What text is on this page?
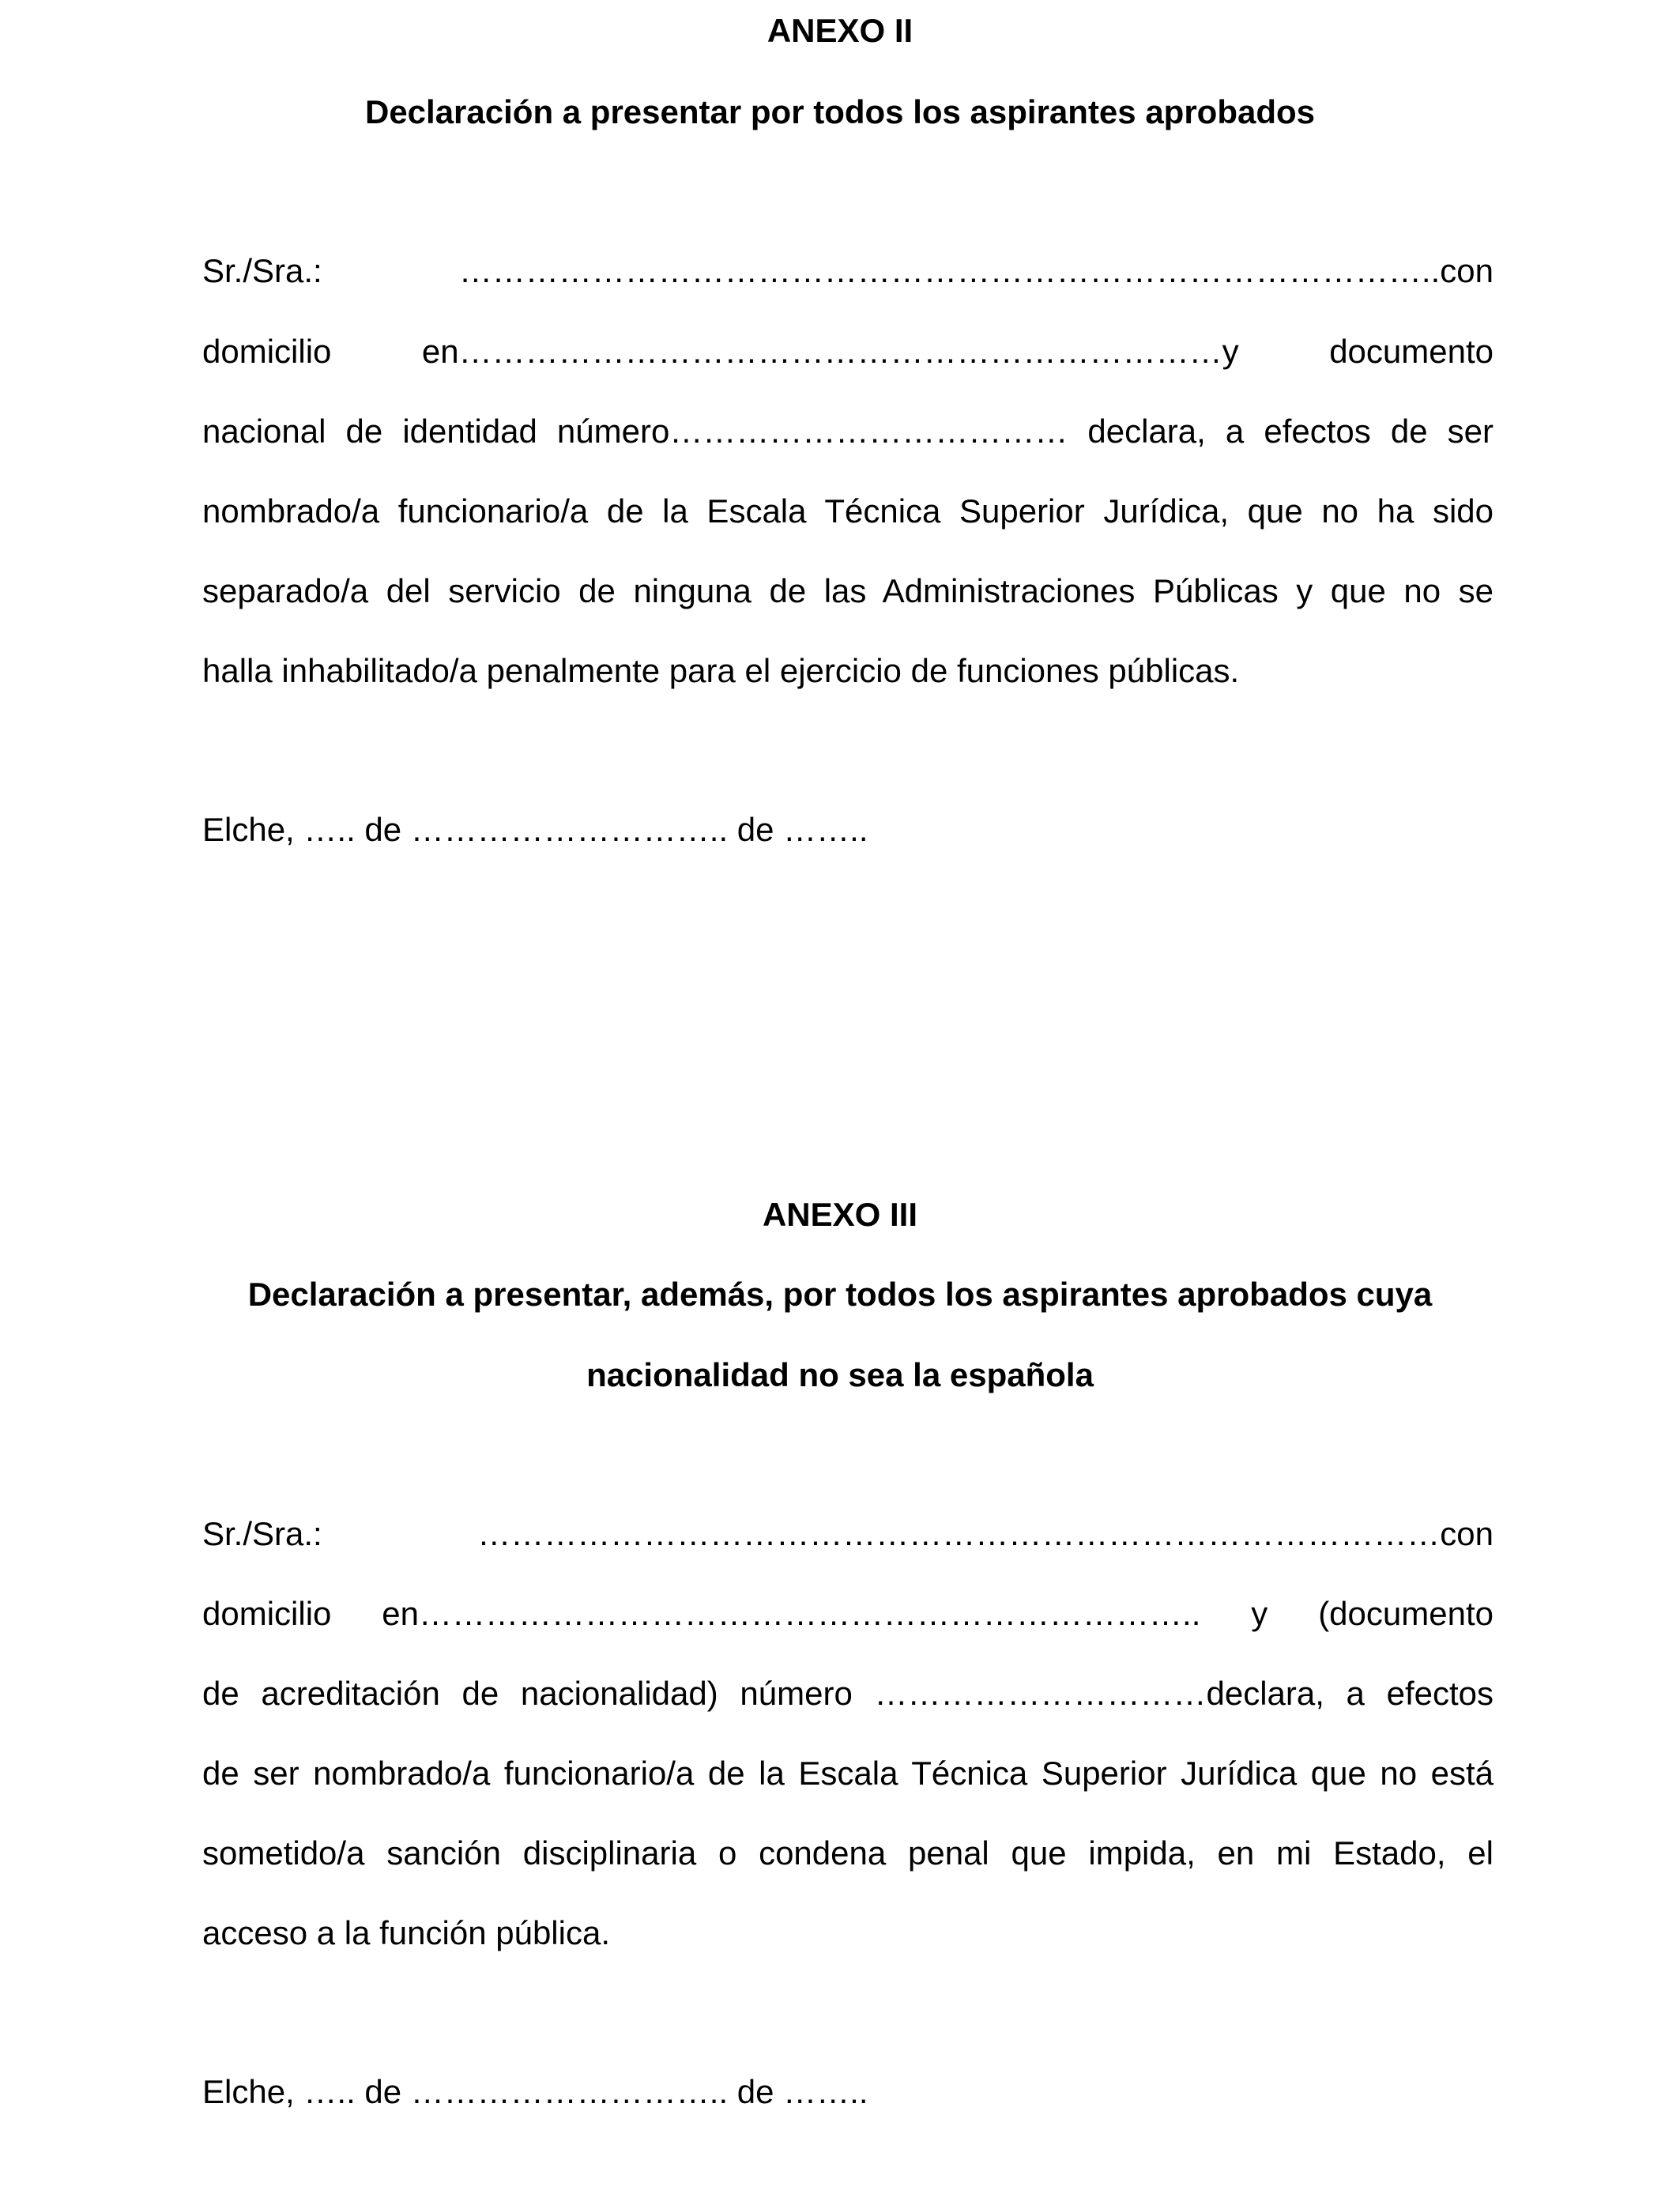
ANEXO II
Declaración a presentar por todos los aspirantes aprobados
Sr./Sra.: ……………………………………………………………………………..con
domicilio en……………………………………………………………y documento
nacional de identidad número……………………………… declara, a efectos de ser
nombrado/a funcionario/a de la Escala Técnica Superior Jurídica, que no ha sido
separado/a del servicio de ninguna de las Administraciones Públicas y que no se
halla inhabilitado/a penalmente para el ejercicio de funciones públicas.
Elche, ….. de ……………………….. de ……..
ANEXO III
Declaración a presentar, además, por todos los aspirantes aprobados cuya
nacionalidad no sea la española
Sr./Sra.: ……………………………………………………………………………con
domicilio en…………………………………………………………….. y (documento
de acreditación de nacionalidad) número …………………………declara, a efectos
de ser nombrado/a funcionario/a de la Escala Técnica Superior Jurídica que no está
sometido/a sanción disciplinaria o condena penal que impida, en mi Estado, el
acceso a la función pública.
Elche, ….. de ……………………….. de ……..
